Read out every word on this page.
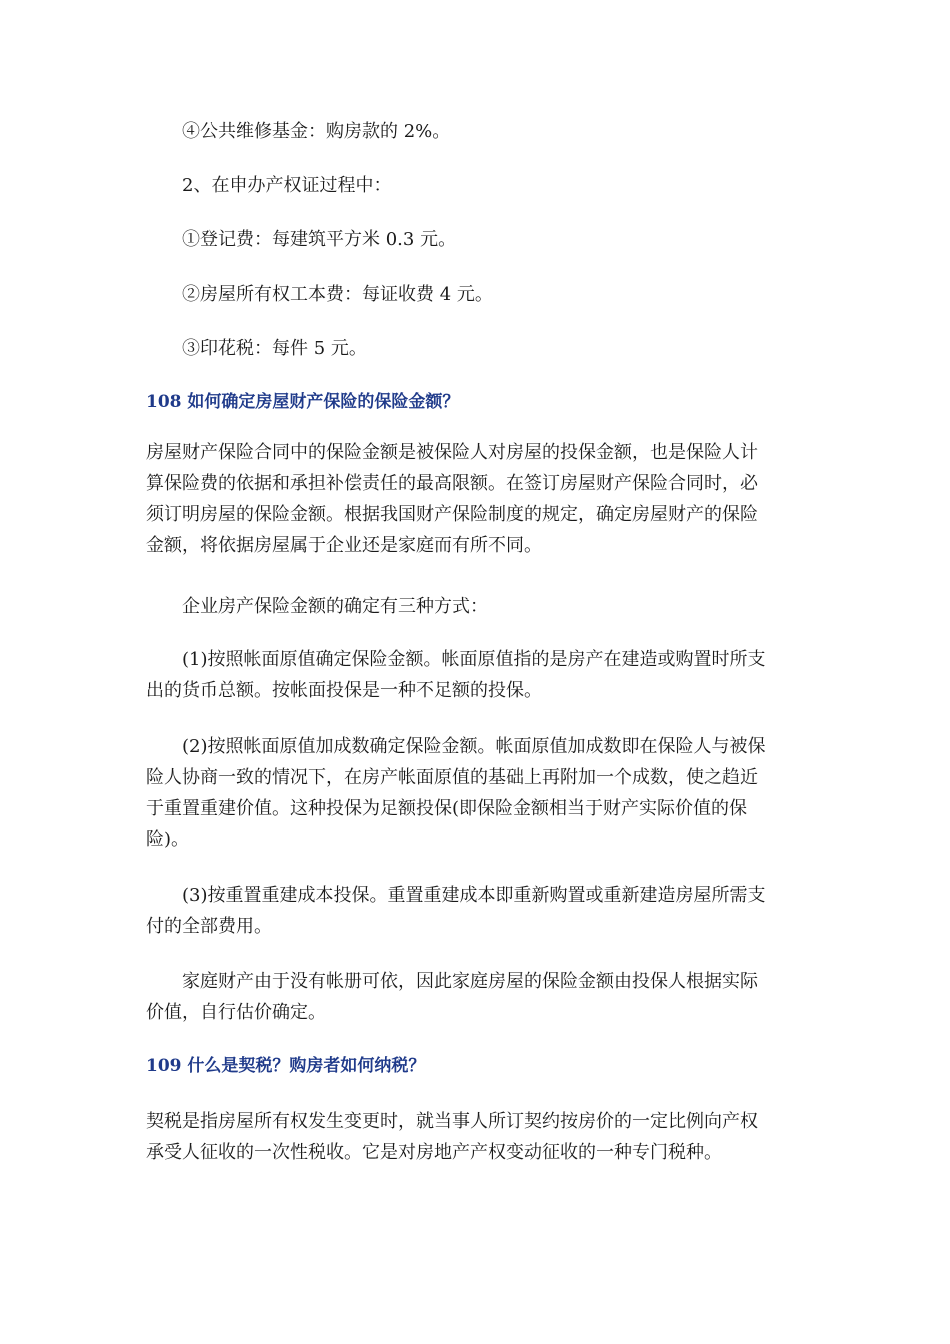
④公共维修基金：购房款的 2%。

2、在申办产权证过程中：

①登记费：每建筑平方米 0.3 元。

②房屋所有权工本费：每证收费 4 元。

③印花税：每件 5 元。

108 如何确定房屋财产保险的保险金额？

房屋财产保险合同中的保险金额是被保险人对房屋的投保金额，也是保险人计
算保险费的依据和承担补偿责任的最高限额。在签订房屋财产保险合同时，必
须订明房屋的保险金额。根据我国财产保险制度的规定，确定房屋财产的保险
金额，将依据房屋属于企业还是家庭而有所不同。

企业房产保险金额的确定有三种方式：

(1)按照帐面原值确定保险金额。帐面原值指的是房产在建造或购置时所支
出的货币总额。按帐面投保是一种不足额的投保。
(2)按照帐面原值加成数确定保险金额。帐面原值加成数即在保险人与被保
险人协商一致的情况下，在房产帐面原值的基础上再附加一个成数，使之趋近
于重置重建价值。这种投保为足额投保(即保险金额相当于财产实际价值的保
险)。
(3)按重置重建成本投保。重置重建成本即重新购置或重新建造房屋所需支
付的全部费用。
家庭财产由于没有帐册可依，因此家庭房屋的保险金额由投保人根据实际
价值，自行估价确定。

109 什么是契税？购房者如何纳税？

契税是指房屋所有权发生变更时，就当事人所订契约按房价的一定比例向产权
承受人征收的一次性税收。它是对房地产产权变动征收的一种专门税种。
